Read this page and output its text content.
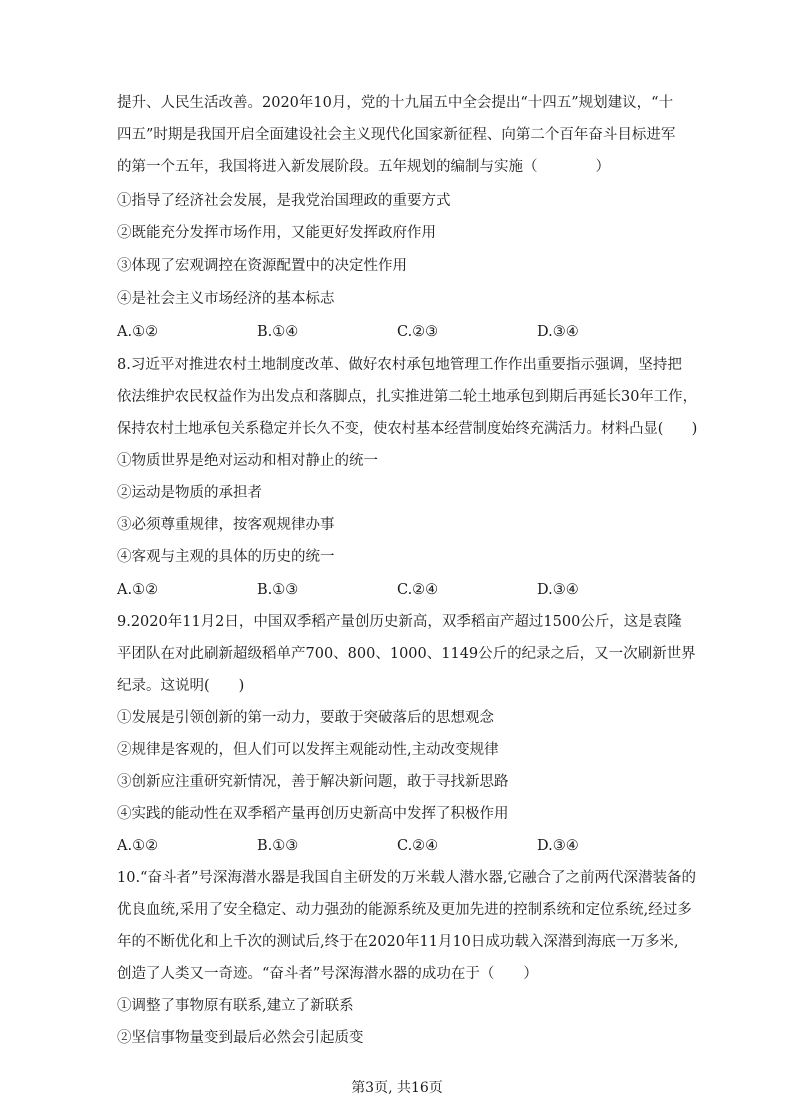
提升、人民生活改善。2020年10月，党的十九届五中全会提出“十四五”规划建议，“十
四五”时期是我国开启全面建设社会主义现代化国家新征程、向第二个百年奋斗目标进军
的第一个五年，我国将进入新发展阶段。五年规划的编制与实施（　　　　）
①指导了经济社会发展，是我党治国理政的重要方式
②既能充分发挥市场作用，又能更好发挥政府作用
③体现了宏观调控在资源配置中的决定性作用
④是社会主义市场经济的基本标志
A.①②	B.①④	C.②③	D.③④
8.习近平对推进农村土地制度改革、做好农村承包地管理工作作出重要指示强调，坚持把
依法维护农民权益作为出发点和落脚点，扎实推进第二轮土地承包到期后再延长30年工作，
保持农村土地承包关系稳定并长久不变，使农村基本经营制度始终充满活力。材料凸显(　　)
①物质世界是绝对运动和相对静止的统一
②运动是物质的承担者
③必须尊重规律，按客观规律办事
④客观与主观的具体的历史的统一
A.①②	B.①③	C.②④	D.③④
9.2020年11月2日，中国双季稻产量创历史新高，双季稻亩产超过1500公斤，这是袁隆
平团队在对此刷新超级稻单产700、800、1000、1149公斤的纪录之后，又一次刷新世界
纪录。这说明(　　)
①发展是引领创新的第一动力，要敢于突破落后的思想观念
②规律是客观的，但人们可以发挥主观能动性,主动改变规律
③创新应注重研究新情况，善于解决新问题，敢于寻找新思路
④实践的能动性在双季稻产量再创历史新高中发挥了积极作用
A.①②	B.①③	C.②④	D.③④
10.“奋斗者”号深海潜水器是我国自主研发的万米载人潜水器,它融合了之前两代深潜装备的
优良血统,采用了安全稳定、动力强劲的能源系统及更加先进的控制系统和定位系统,经过多
年的不断优化和上千次的测试后,终于在2020年11月10日成功载入深潜到海底一万多米,
创造了人类又一奇迹。“奋斗者”号深海潜水器的成功在于（　　）
①调整了事物原有联系,建立了新联系
②坚信事物量变到最后必然会引起质变
第3页, 共16页
